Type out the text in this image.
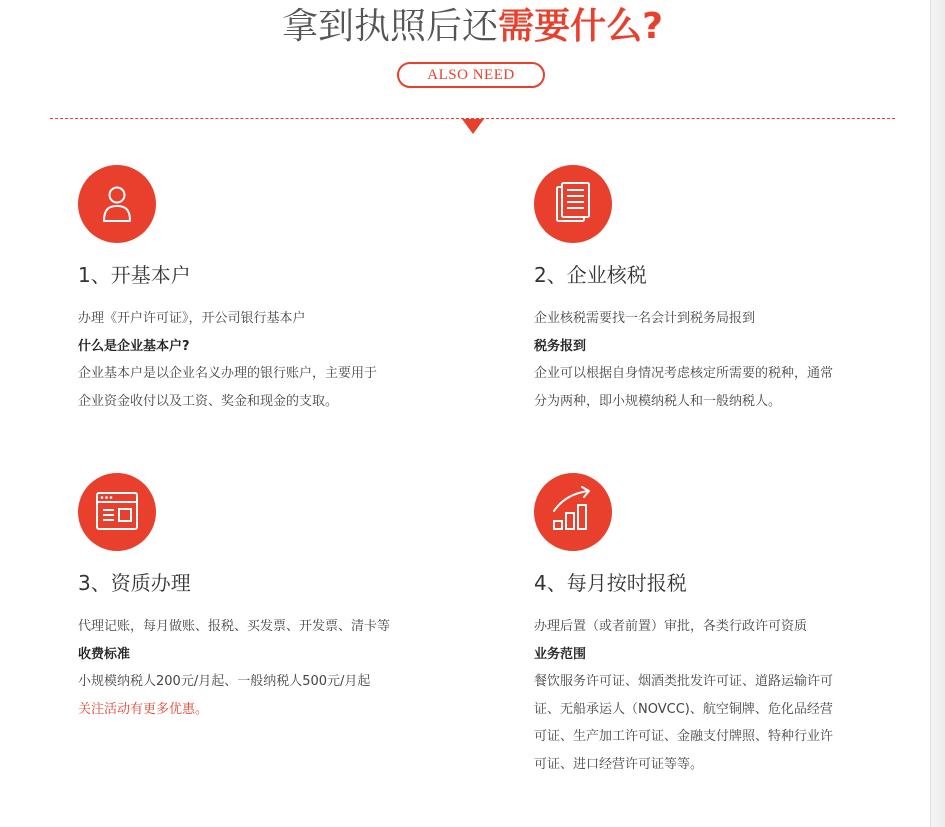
拿到执照后还需要什么?
ALSO NEED
1、开基本户

办理《开户许可证》，开公司银行基本户

什么是企业基本户?

企业基本户是以企业名义办理的银行账户，主要用于

企业资金收付以及工资、奖金和现金的支取。

2、企业核税

企业核税需要找一名会计到税务局报到

税务报到

企业可以根据自身情况考虑核定所需要的税种，通常

分为两种，即小规模纳税人和一般纳税人。

3、资质办理

代理记账，每月做账、报税、买发票、开发票、清卡等

收费标准

小规模纳税人200元/月起、一般纳税人500元/月起

关注活动有更多优惠。

4、每月按时报税

办理后置（或者前置）审批，各类行政许可资质

业务范围

餐饮服务许可证、烟酒类批发许可证、道路运输许可

证、无船承运人（NOVCC)、航空铜牌、危化品经营

可证、生产加工许可证、金融支付牌照、特种行业许

可证、进口经营许可证等等。
